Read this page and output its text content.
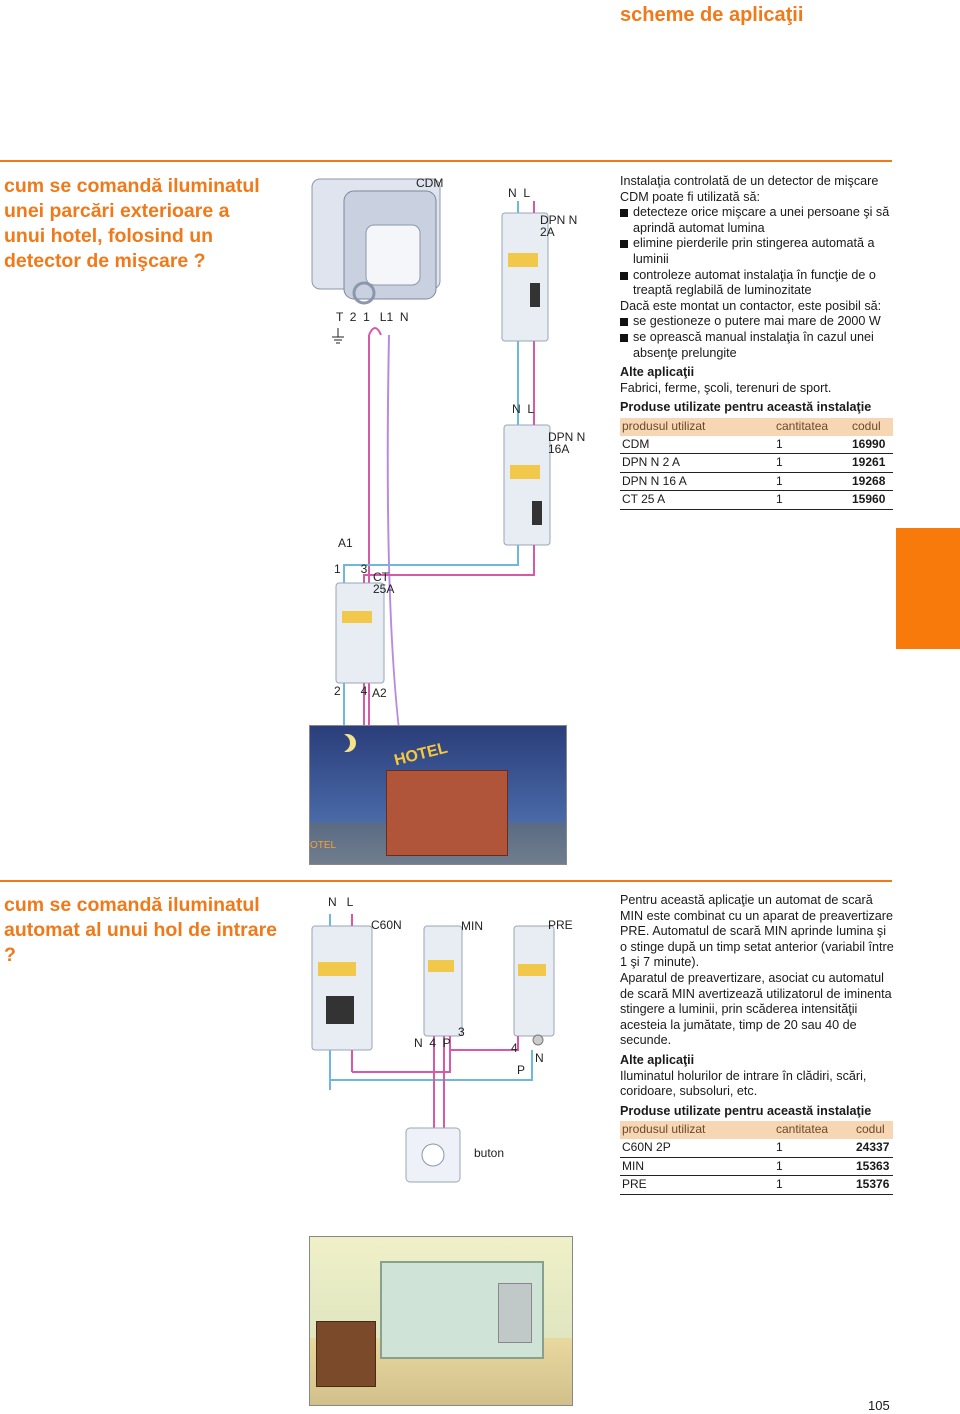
scheme de aplicaţii
cum se comandă iluminatul unei parcări exterioare a unui hotel, folosind un detector de mişcare ?
CDM
N  L
DPN N
2A
T  2  1   L1  N
N  L
DPN N
16A
A1
1      3
CT
25A
2      4 A2
HOTEL
OTEL

Instalaţia controlată de un detector de mişcare CDM poate fi utilizată să:

detecteze orice mişcare a unei persoane şi să aprindă automat lumina

elimine pierderile prin stingerea automată a luminii

controleze automat instalaţia în funcţie de o treaptă reglabilă de luminozitate

Dacă este montat un contactor, este posibil să:

se gestioneze o putere mai mare de 2000 W

se oprească manual instalaţia în cazul unei absenţe prelungite

Alte aplicaţii

Fabrici, ferme, şcoli, terenuri de sport.

Produse utilizate pentru această instalaţie

produsul utilizat	cantitatea	codul
CDM	1	16990
DPN N 2 A	1	19261
DPN N 16 A	1	19268
CT 25 A	1	15960
cum se comandă iluminatul automat al unui hol de intrare ?
N   L
C60N	MIN	PRE
3
N  4  P	4
N
P
buton

Pentru această aplicaţie un automat de scară MIN este combinat cu un aparat de preavertizare PRE. Automatul de scară MIN aprinde lumina şi o stinge după un timp setat anterior (variabil între 1 şi 7 minute).

Aparatul de preavertizare, asociat cu automatul de scară MIN avertizează utilizatorul de iminenta stingere a luminii, prin scăderea intensităţii acesteia la jumătate, timp de 20 sau 40 de secunde.

Alte aplicaţii

Iluminatul holurilor de intrare în clădiri, scări, coridoare, subsoluri, etc.

Produse utilizate pentru această instalaţie

produsul utilizat	cantitatea	codul
C60N 2P	1	24337
MIN	1	15363
PRE	1	15376
105
